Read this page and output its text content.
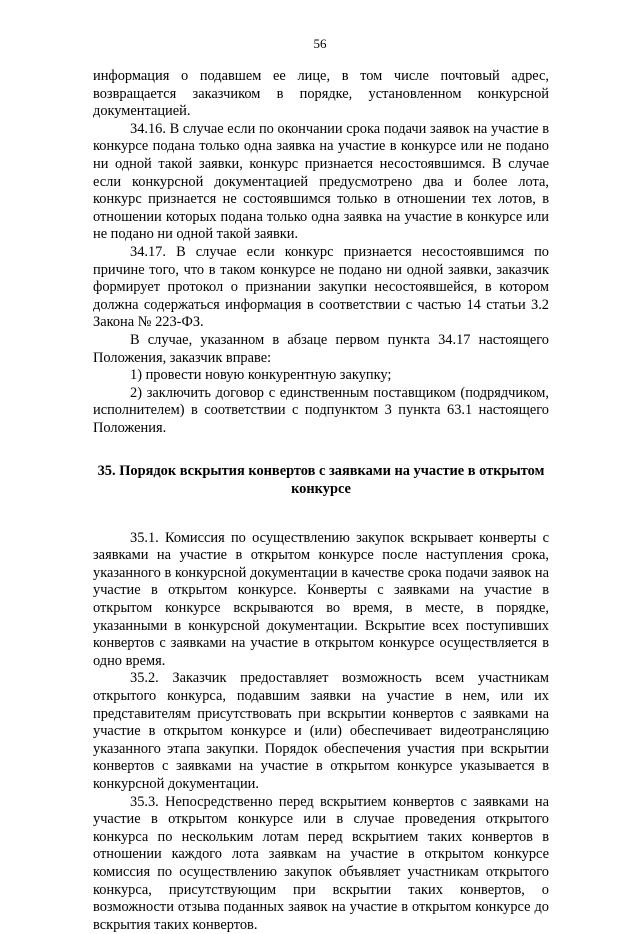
56

информация о подавшем ее лице, в том числе почтовый адрес, возвращается заказчиком в порядке, установленном конкурсной документацией.

34.16. В случае если по окончании срока подачи заявок на участие в конкурсе подана только одна заявка на участие в конкурсе или не подано ни одной такой заявки, конкурс признается несостоявшимся. В случае если конкурсной документацией предусмотрено два и более лота, конкурс признается не состоявшимся только в отношении тех лотов, в отношении которых подана только одна заявка на участие в конкурсе или не подано ни одной такой заявки.

34.17. В случае если конкурс признается несостоявшимся по причине того, что в таком конкурсе не подано ни одной заявки, заказчик формирует протокол о признании закупки несостоявшейся, в котором должна содержаться информация в соответствии с частью 14 статьи 3.2 Закона № 223-ФЗ.

В случае, указанном в абзаце первом пункта 34.17 настоящего Положения, заказчик вправе:

1) провести новую конкурентную закупку;

2) заключить договор с единственным поставщиком (подрядчиком, исполнителем) в соответствии с подпунктом 3 пункта 63.1 настоящего Положения.

35. Порядок вскрытия конвертов с заявками на участие в открытом конкурсе

35.1. Комиссия по осуществлению закупок вскрывает конверты с заявками на участие в открытом конкурсе после наступления срока, указанного в конкурсной документации в качестве срока подачи заявок на участие в открытом конкурсе. Конверты с заявками на участие в открытом конкурсе вскрываются во время, в месте, в порядке, указанными в конкурсной документации. Вскрытие всех поступивших конвертов с заявками на участие в открытом конкурсе осуществляется в одно время.

35.2. Заказчик предоставляет возможность всем участникам открытого конкурса, подавшим заявки на участие в нем, или их представителям присутствовать при вскрытии конвертов с заявками на участие в открытом конкурсе и (или) обеспечивает видеотрансляцию указанного этапа закупки. Порядок обеспечения участия при вскрытии конвертов с заявками на участие в открытом конкурсе указывается в конкурсной документации.

35.3. Непосредственно перед вскрытием конвертов с заявками на участие в открытом конкурсе или в случае проведения открытого конкурса по нескольким лотам перед вскрытием таких конвертов в отношении каждого лота заявкам на участие в открытом конкурсе комиссия по осуществлению закупок объявляет участникам открытого конкурса, присутствующим при вскрытии таких конвертов, о возможности отзыва поданных заявок на участие в открытом конкурсе до вскрытия таких конвертов.
